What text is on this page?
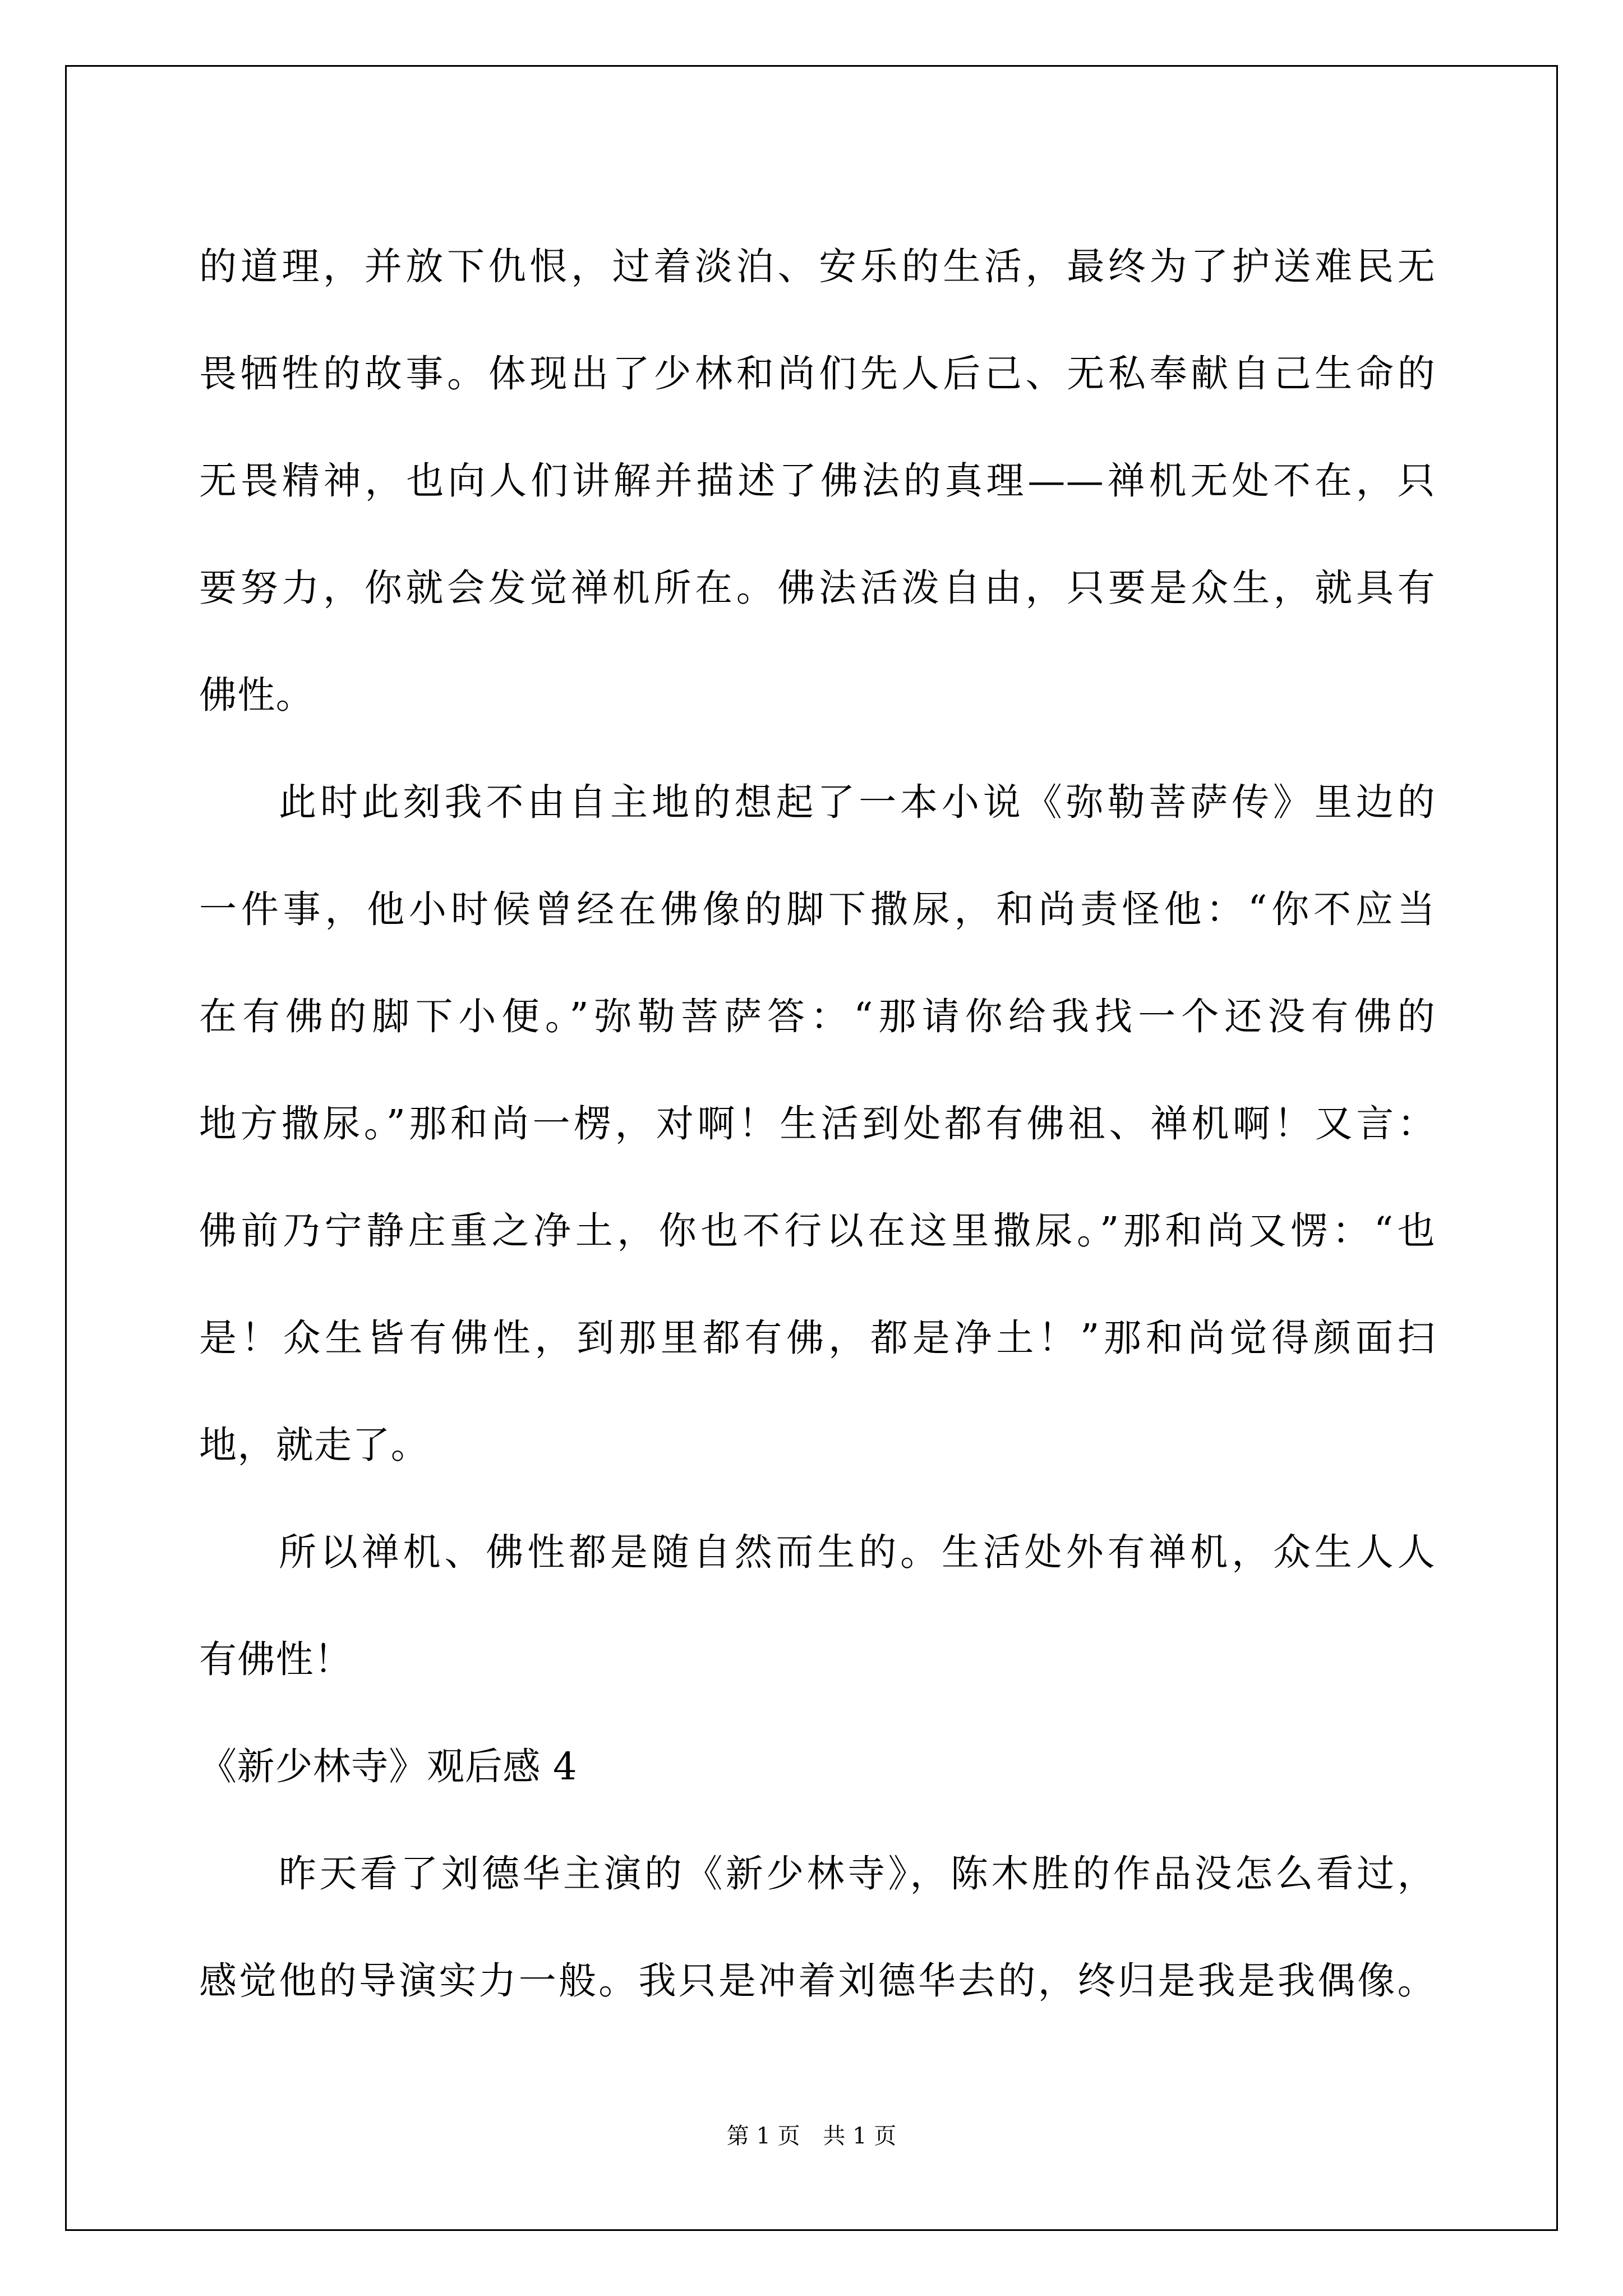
的道理，并放下仇恨，过着淡泊、安乐的生活，最终为了护送难民无
畏牺牲的故事。体现出了少林和尚们先人后己、无私奉献自己生命的
无畏精神，也向人们讲解并描述了佛法的真理——禅机无处不在，只
要努力，你就会发觉禅机所在。佛法活泼自由，只要是众生，就具有
佛性。
此时此刻我不由自主地的想起了一本小说《弥勒菩萨传》里边的
一件事，他小时候曾经在佛像的脚下撒尿，和尚责怪他：“你不应当
在有佛的脚下小便。”弥勒菩萨答：“那请你给我找一个还没有佛的
地方撒尿。”那和尚一楞，对啊！生活到处都有佛祖、禅机啊！又言：
佛前乃宁静庄重之净土，你也不行以在这里撒尿。”那和尚又愣：“也
是！众生皆有佛性，到那里都有佛，都是净土！”那和尚觉得颜面扫
地，就走了。
所以禅机、佛性都是随自然而生的。生活处外有禅机，众生人人
有佛性！
《新少林寺》观后感 4
昨天看了刘德华主演的《新少林寺》，陈木胜的作品没怎么看过，
感觉他的导演实力一般。我只是冲着刘德华去的，终归是我是我偶像。
第 1 页 共 1 页
